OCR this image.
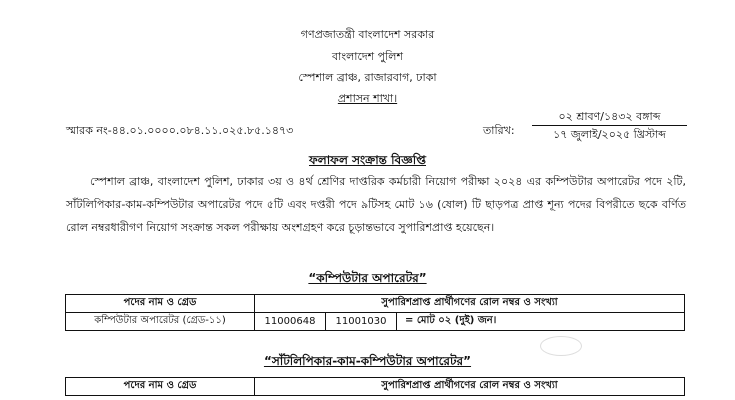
গণপ্রজাতন্ত্রী বাংলাদেশ সরকার
বাংলাদেশ পুলিশ
স্পেশাল ব্রাঞ্চ, রাজারবাগ, ঢাকা
প্রশাসন শাখা।
স্মারক নং-৪৪.০১.০০০০.০৮৪.১১.০২৫.৮৫.১৪৭৩	তারিখ:
০২ শ্রাবণ/১৪৩২ বঙ্গাব্দ
১৭ জুলাই/২০২৫ খ্রিস্টাব্দ
ফলাফল সংক্রান্ত বিজ্ঞপ্তি
স্পেশাল ব্রাঞ্চ, বাংলাদেশ পুলিশ, ঢাকার ৩য় ও ৪র্থ শ্রেণির দাপ্তরিক কর্মচারী নিয়োগ পরীক্ষা ২০২৪ এর কম্পিউটার অপারেটর পদে ২টি, সাঁটলিপিকার-কাম-কম্পিউটার অপারেটর পদে ৫টি এবং দপ্তরী পদে ৯টিসহ মোট ১৬ (ষোল) টি ছাড়পত্র প্রাপ্ত শূন্য পদের বিপরীতে ছকে বর্ণিত রোল নম্বরধারীগণ নিয়োগ সংক্রান্ত সকল পরীক্ষায় অংশগ্রহণ করে চূড়ান্তভাবে সুপারিশপ্রাপ্ত হয়েছেন।
“কম্পিউটার অপারেটর”
পদের নাম ও গ্রেড	সুপারিশপ্রাপ্ত প্রার্থীগণের রোল নম্বর ও সংখ্যা
কম্পিউটার অপারেটর (গ্রেড-১১)	11000648 11001030 = মোট ০২ (দুই) জন।
“সাঁটলিপিকার-কাম-কম্পিউটার অপারেটর”
পদের নাম ও গ্রেড	সুপারিশপ্রাপ্ত প্রার্থীগণের রোল নম্বর ও সংখ্যা
